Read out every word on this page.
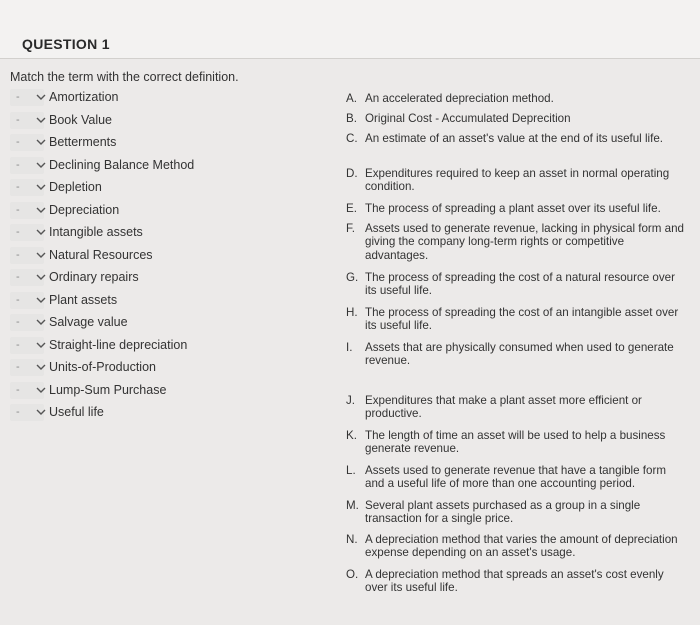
QUESTION 1
Match the term with the correct definition.
- Amortization
- Book Value
- Betterments
- Declining Balance Method
- Depletion
- Depreciation
- Intangible assets
- Natural Resources
- Ordinary repairs
- Plant assets
- Salvage value
- Straight-line depreciation
- Units-of-Production
- Lump-Sum Purchase
- Useful life
A. An accelerated depreciation method.
B. Original Cost - Accumulated Deprecition
C. An estimate of an asset's value at the end of its useful life.
D. Expenditures required to keep an asset in normal operating condition.
E. The process of spreading a plant asset over its useful life.
F. Assets used to generate revenue, lacking in physical form and giving the company long-term rights or competitive advantages.
G. The process of spreading the cost of a natural resource over its useful life.
H. The process of spreading the cost of an intangible asset over its useful life.
I.	Assets that are physically consumed when used to generate revenue.
J. Expenditures that make a plant asset more efficient or productive.
K. The length of time an asset will be used to help a business generate revenue.
L. Assets used to generate revenue that have a tangible form and a useful life of more than one accounting period.
M. Several plant assets purchased as a group in a single transaction for a single price.
N. A depreciation method that varies the amount of depreciation expense depending on an asset's usage.
O. A depreciation method that spreads an asset's cost evenly over its useful life.
